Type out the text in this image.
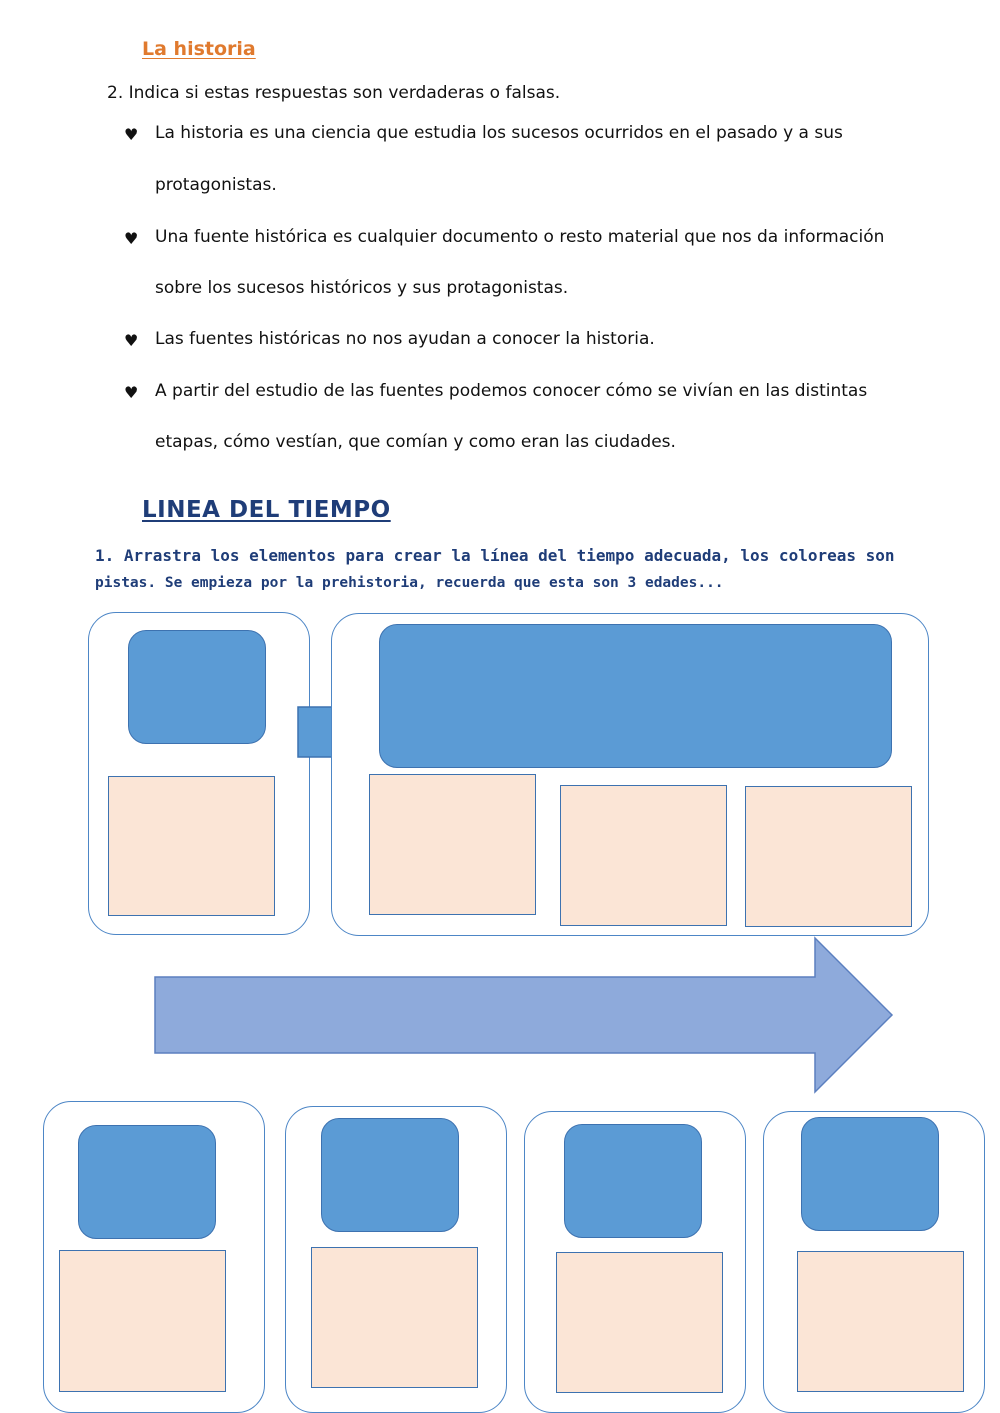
La historia
2. Indica si estas respuestas son verdaderas o falsas.
♥ La historia es una ciencia que estudia los sucesos ocurridos en el pasado y a sus
protagonistas.
♥ Una fuente histórica es cualquier documento o resto material que nos da información
sobre los sucesos históricos y sus protagonistas.
♥ Las fuentes históricas no nos ayudan a conocer la historia.
♥ A partir del estudio de las fuentes podemos conocer cómo se vivían en las distintas
etapas, cómo vestían, que comían y como eran las ciudades.
LINEA DEL TIEMPO
1. Arrastra los elementos para crear la línea del tiempo adecuada, los coloreas son
pistas. Se empieza por la prehistoria, recuerda que esta son 3 edades...
